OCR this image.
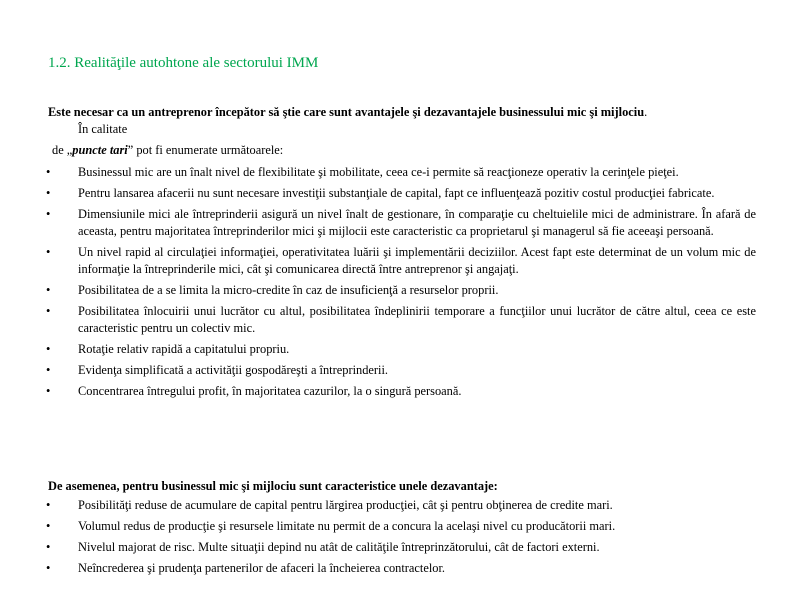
1.2. Realităţile autohtone ale sectorului IMM
Este necesar ca un antreprenor începător să ştie care sunt avantajele şi dezavantajele businessului mic şi mijlociu.
În calitate
de „puncte tari” pot fi enumerate următoarele:
•	Businessul mic are un înalt nivel de flexibilitate şi mobilitate, ceea ce-i permite să reacţioneze operativ la cerinţele pieţei.
•	Pentru lansarea afacerii nu sunt necesare investiţii substanţiale de capital, fapt ce influenţează pozitiv costul producţiei fabricate.
•	Dimensiunile mici ale întreprinderii asigură un nivel înalt de gestionare, în comparaţie cu cheltuielile mici de administrare. În afară de aceasta, pentru majoritatea întreprinderilor mici şi mijlocii este caracteristic ca proprietarul şi managerul să fie aceeaşi persoană.
•	Un nivel rapid al circulaţiei informaţiei, operativitatea luării şi implementării deciziilor. Acest fapt este determinat de un volum mic de informaţie la întreprinderile mici, cât şi comunicarea directă între antreprenor şi angajaţi.
•	Posibilitatea de a se limita la micro-credite în caz de insuficienţă a resurselor proprii.
•	Posibilitatea înlocuirii unui lucrător cu altul, posibilitatea îndeplinirii temporare a funcţiilor unui lucrător de către altul, ceea ce este caracteristic pentru un colectiv mic.
•	Rotaţie relativ rapidă a capitatului propriu.
•	Evidenţa simplificată a activităţii gospodăreşti a întreprinderii.
•	Concentrarea întregului profit, în majoritatea cazurilor, la o singură persoană.
De asemenea, pentru businessul mic şi mijlociu sunt caracteristice unele dezavantaje:
•	Posibilităţi reduse de acumulare de capital pentru lărgirea producţiei, cât şi pentru obţinerea de credite mari.
•	Volumul redus de producţie şi resursele limitate nu permit de a concura la acelaşi nivel cu producătorii mari.
•	Nivelul majorat de risc. Multe situaţii depind nu atât de calităţile întreprinzătorului, cât de factori externi.
•	Neîncrederea şi prudenţa partenerilor de afaceri la încheierea contractelor.
